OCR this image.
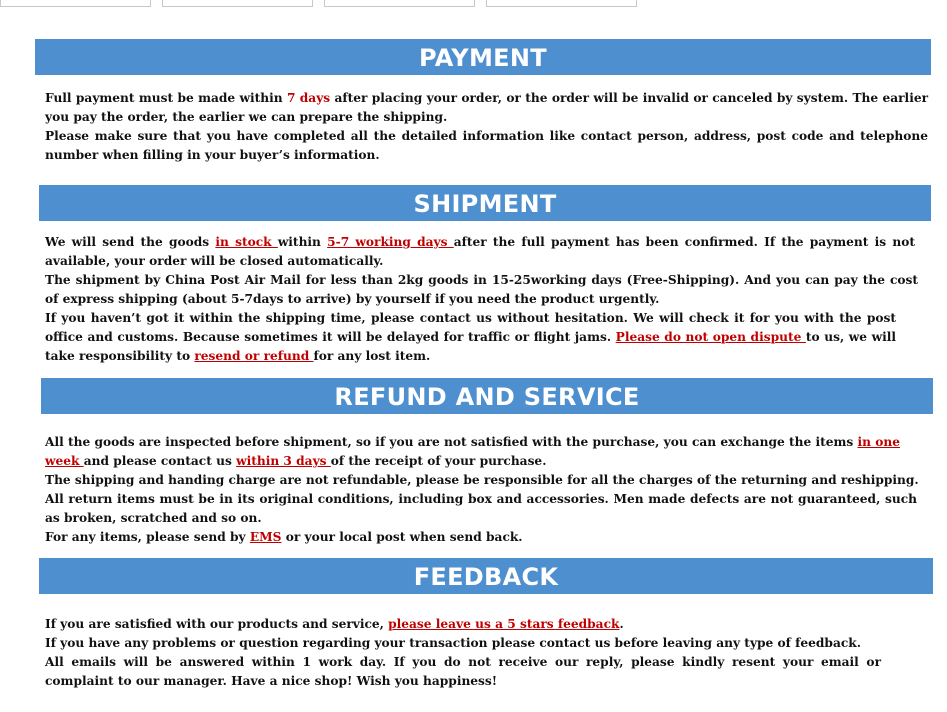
PAYMENT

Full payment must be made within 7 days after placing your order, or the order will be invalid or canceled by system. The earlier you pay the order, the earlier we can prepare the shipping.

Please make sure that you have completed all the detailed information like contact person, address, post code and telephone number when filling in your buyer’s information.

SHIPMENT

We will send the goods in stock within 5-7 working days after the full payment has been confirmed. If the payment is not available, your order will be closed automatically.

The shipment by China Post Air Mail for less than 2kg goods in 15-25working days (Free-Shipping). And you can pay the cost of express shipping (about 5-7days to arrive) by yourself if you need the product urgently.

If you haven’t got it within the shipping time, please contact us without hesitation. We will check it for you with the post office and customs. Because sometimes it will be delayed for traffic or flight jams. Please do not open dispute to us, we will take responsibility to resend or refund for any lost item.

REFUND AND SERVICE

All the goods are inspected before shipment, so if you are not satisfied with the purchase, you can exchange the items in one week and please contact us within 3 days of the receipt of your purchase.

The shipping and handing charge are not refundable, please be responsible for all the charges of the returning and reshipping.

All return items must be in its original conditions, including box and accessories. Men made defects are not guaranteed, such as broken, scratched and so on.

For any items, please send by EMS or your local post when send back.

FEEDBACK

If you are satisfied with our products and service, please leave us a 5 stars feedback.

If you have any problems or question regarding your transaction please contact us before leaving any type of feedback.

All emails will be answered within 1 work day. If you do not receive our reply, please kindly resent your email or complaint to our manager. Have a nice shop! Wish you happiness!
